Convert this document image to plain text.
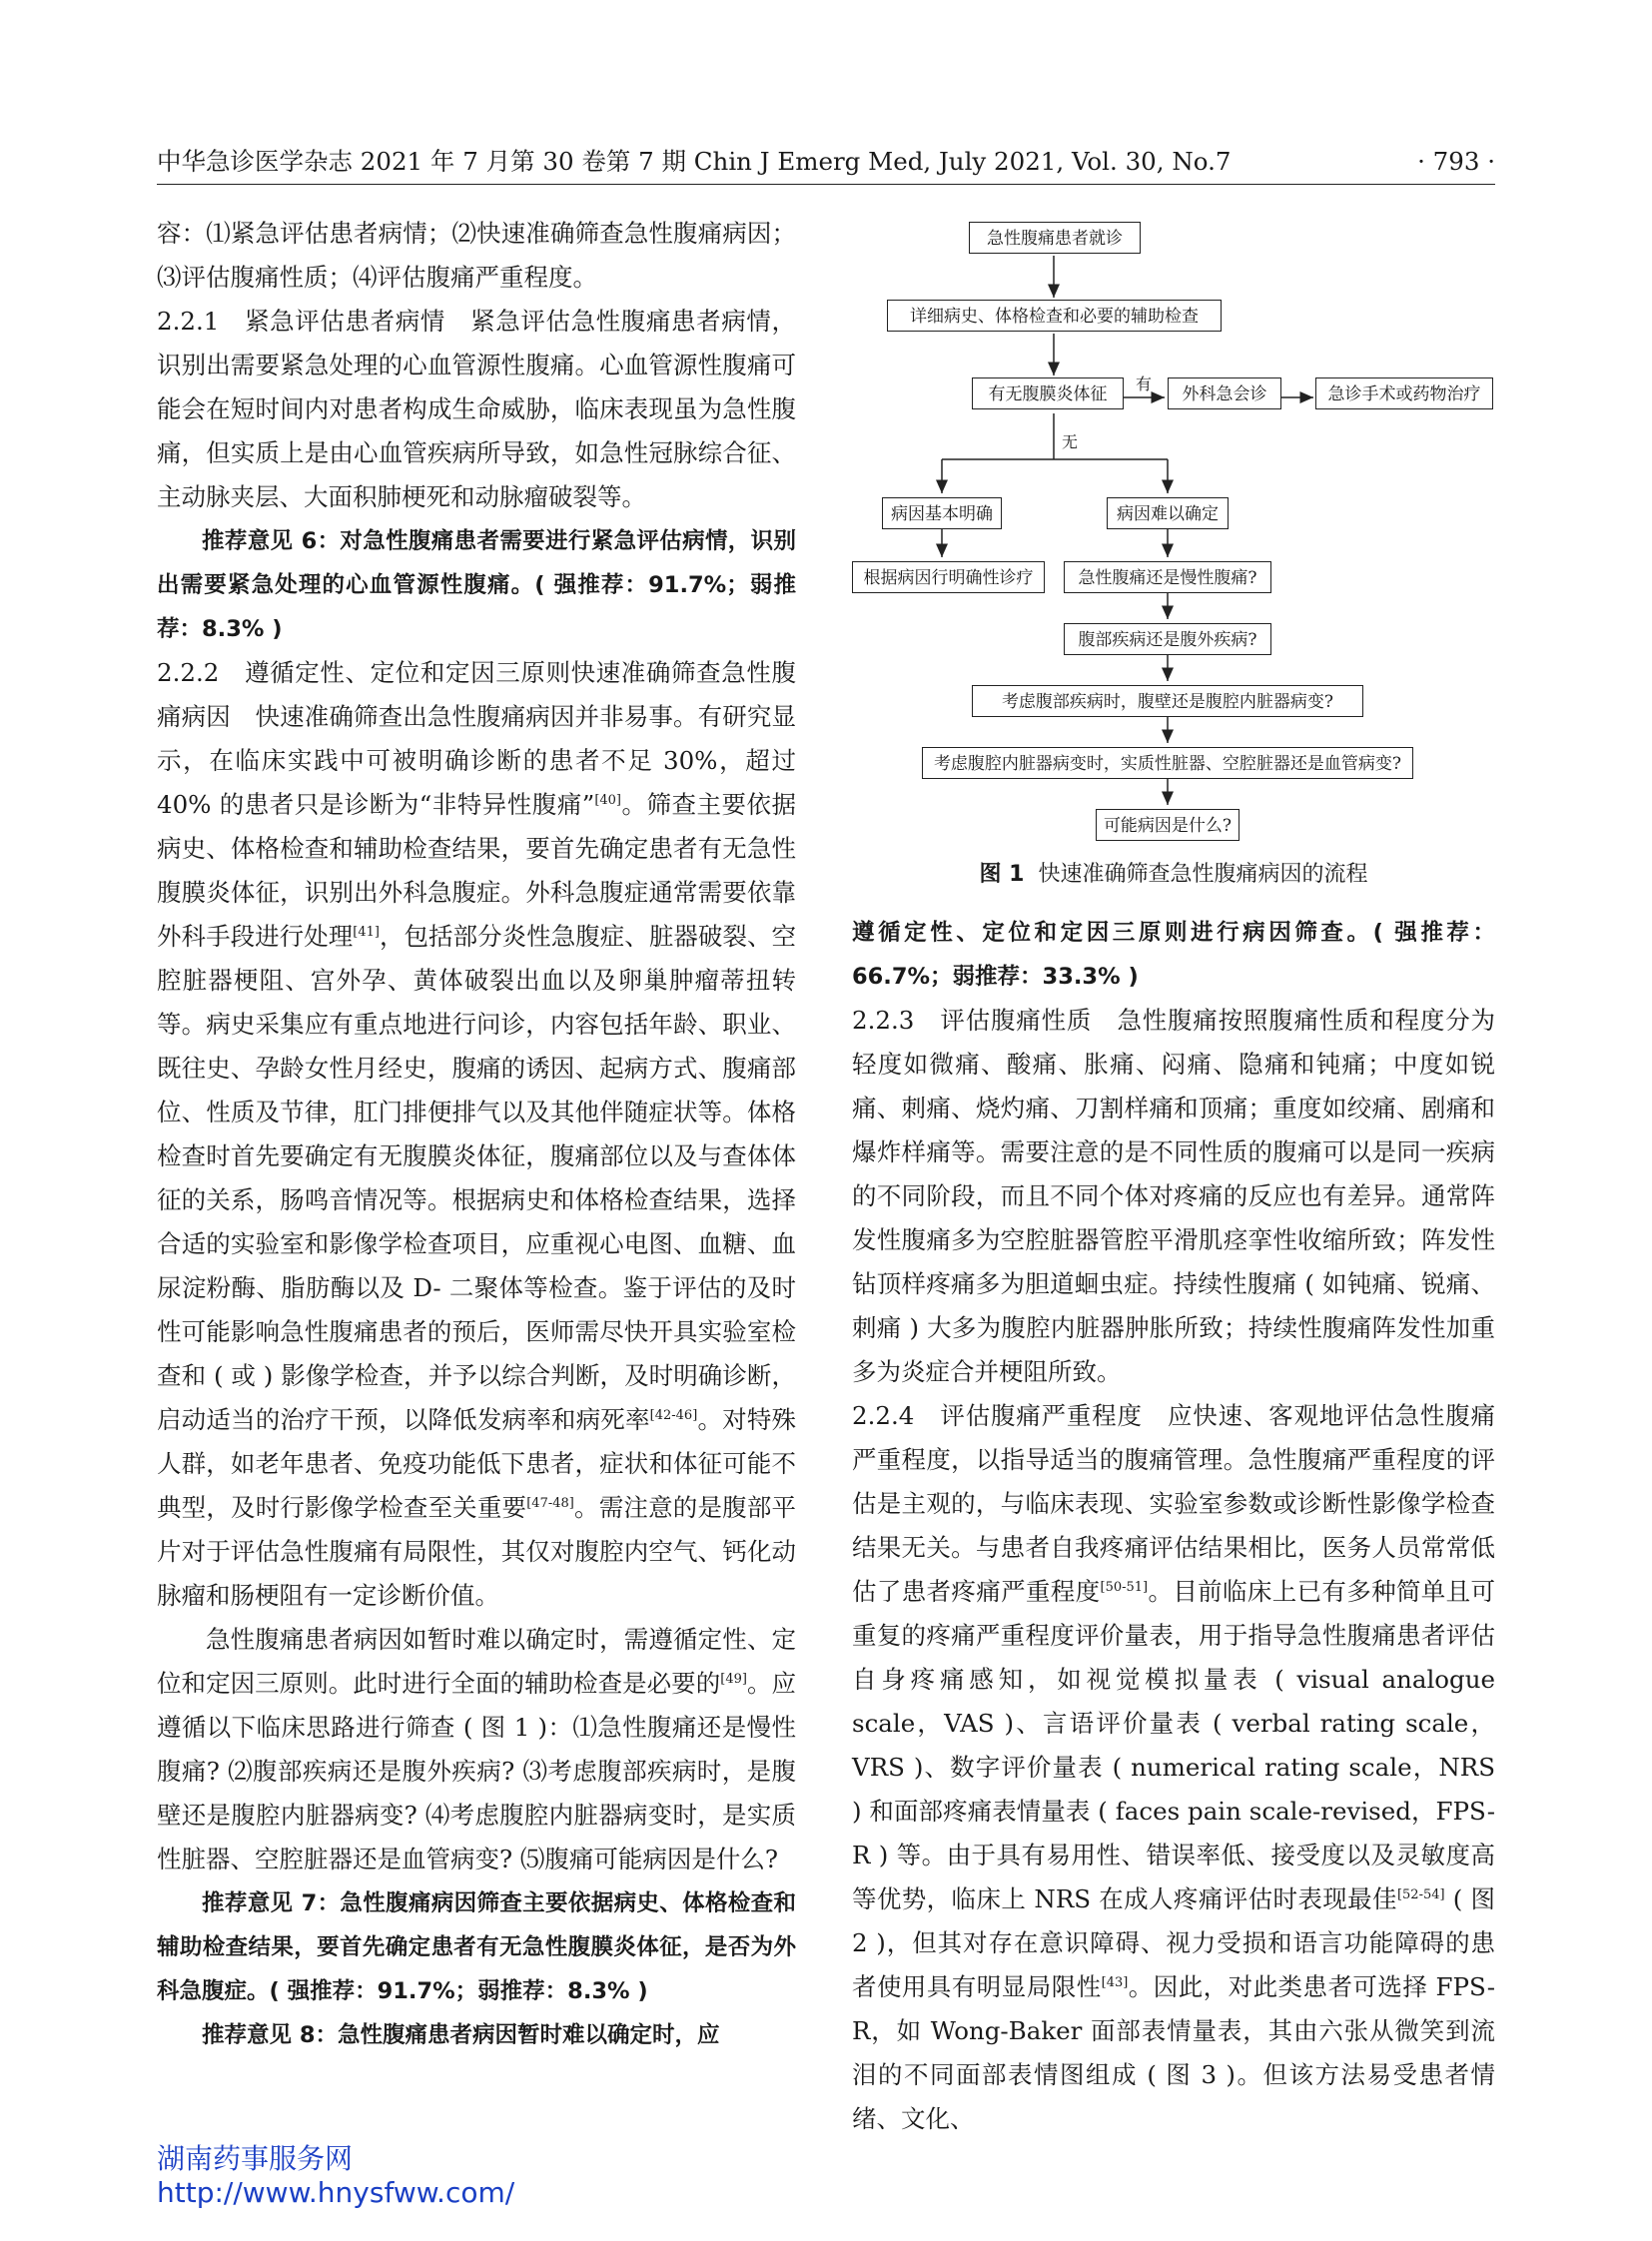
中华急诊医学杂志 2021 年 7 月第 30 卷第 7 期 Chin J Emerg Med, July 2021, Vol. 30, No.7	· 793 ·

容：⑴紧急评估患者病情；⑵快速准确筛查急性腹痛病因；⑶评估腹痛性质；⑷评估腹痛严重程度。

2.2.1　紧急评估患者病情　紧急评估急性腹痛患者病情，识别出需要紧急处理的心血管源性腹痛。心血管源性腹痛可能会在短时间内对患者构成生命威胁，临床表现虽为急性腹痛，但实质上是由心血管疾病所导致，如急性冠脉综合征、主动脉夹层、大面积肺梗死和动脉瘤破裂等。

推荐意见 6：对急性腹痛患者需要进行紧急评估病情，识别出需要紧急处理的心血管源性腹痛。( 强推荐：91.7%；弱推荐：8.3% )

2.2.2　遵循定性、定位和定因三原则快速准确筛查急性腹痛病因　快速准确筛查出急性腹痛病因并非易事。有研究显示，在临床实践中可被明确诊断的患者不足 30%，超过 40% 的患者只是诊断为“非特异性腹痛”[40]。筛查主要依据病史、体格检查和辅助检查结果，要首先确定患者有无急性腹膜炎体征，识别出外科急腹症。外科急腹症通常需要依靠外科手段进行处理[41]，包括部分炎性急腹症、脏器破裂、空腔脏器梗阻、宫外孕、黄体破裂出血以及卵巢肿瘤蒂扭转等。病史采集应有重点地进行问诊，内容包括年龄、职业、既往史、孕龄女性月经史，腹痛的诱因、起病方式、腹痛部位、性质及节律，肛门排便排气以及其他伴随症状等。体格检查时首先要确定有无腹膜炎体征，腹痛部位以及与查体体征的关系，肠鸣音情况等。根据病史和体格检查结果，选择合适的实验室和影像学检查项目，应重视心电图、血糖、血尿淀粉酶、脂肪酶以及 D- 二聚体等检查。鉴于评估的及时性可能影响急性腹痛患者的预后，医师需尽快开具实验室检查和 ( 或 ) 影像学检查，并予以综合判断，及时明确诊断，启动适当的治疗干预，以降低发病率和病死率[42-46]。对特殊人群，如老年患者、免疫功能低下患者，症状和体征可能不典型，及时行影像学检查至关重要[47-48]。需注意的是腹部平片对于评估急性腹痛有局限性，其仅对腹腔内空气、钙化动脉瘤和肠梗阻有一定诊断价值。

急性腹痛患者病因如暂时难以确定时，需遵循定性、定位和定因三原则。此时进行全面的辅助检查是必要的[49]。应遵循以下临床思路进行筛查 ( 图 1 )：⑴急性腹痛还是慢性腹痛? ⑵腹部疾病还是腹外疾病? ⑶考虑腹部疾病时，是腹壁还是腹腔内脏器病变? ⑷考虑腹腔内脏器病变时，是实质性脏器、空腔脏器还是血管病变? ⑸腹痛可能病因是什么?

推荐意见 7：急性腹痛病因筛查主要依据病史、体格检查和辅助检查结果，要首先确定患者有无急性腹膜炎体征，是否为外科急腹症。( 强推荐：91.7%；弱推荐：8.3% )

推荐意见 8：急性腹痛患者病因暂时难以确定时，应

急性腹痛患者就诊
详细病史、体格检查和必要的辅助检查
有无腹膜炎体征
有
无
外科急会诊	急诊手术或药物治疗
病因基本明确	病因难以确定
根据病因行明确性诊疗	急性腹痛还是慢性腹痛?
腹部疾病还是腹外疾病?
考虑腹部疾病时，腹壁还是腹腔内脏器病变?
考虑腹腔内脏器病变时，实质性脏器、空腔脏器还是血管病变?
可能病因是什么?
图 1 快速准确筛查急性腹痛病因的流程

遵循定性、定位和定因三原则进行病因筛查。( 强推荐：66.7%；弱推荐：33.3% )

2.2.3　评估腹痛性质　急性腹痛按照腹痛性质和程度分为轻度如微痛、酸痛、胀痛、闷痛、隐痛和钝痛；中度如锐痛、刺痛、烧灼痛、刀割样痛和顶痛；重度如绞痛、剧痛和爆炸样痛等。需要注意的是不同性质的腹痛可以是同一疾病的不同阶段，而且不同个体对疼痛的反应也有差异。通常阵发性腹痛多为空腔脏器管腔平滑肌痉挛性收缩所致；阵发性钻顶样疼痛多为胆道蛔虫症。持续性腹痛 ( 如钝痛、锐痛、刺痛 ) 大多为腹腔内脏器肿胀所致；持续性腹痛阵发性加重多为炎症合并梗阻所致。

2.2.4　评估腹痛严重程度　应快速、客观地评估急性腹痛严重程度，以指导适当的腹痛管理。急性腹痛严重程度的评估是主观的，与临床表现、实验室参数或诊断性影像学检查结果无关。与患者自我疼痛评估结果相比，医务人员常常低估了患者疼痛严重程度[50-51]。目前临床上已有多种简单且可重复的疼痛严重程度评价量表，用于指导急性腹痛患者评估自身疼痛感知，如视觉模拟量表 ( visual analogue scale，VAS )、言语评价量表 ( verbal rating scale，VRS )、数字评价量表 ( numerical rating scale，NRS ) 和面部疼痛表情量表 ( faces pain scale-revised，FPS-R ) 等。由于具有易用性、错误率低、接受度以及灵敏度高等优势，临床上 NRS 在成人疼痛评估时表现最佳[52-54] ( 图 2 )，但其对存在意识障碍、视力受损和语言功能障碍的患者使用具有明显局限性[43]。因此，对此类患者可选择 FPS-R，如 Wong-Baker 面部表情量表，其由六张从微笑到流泪的不同面部表情图组成 ( 图 3 )。但该方法易受患者情绪、文化、

湖南药事服务网
http://www.hnysfww.com/
